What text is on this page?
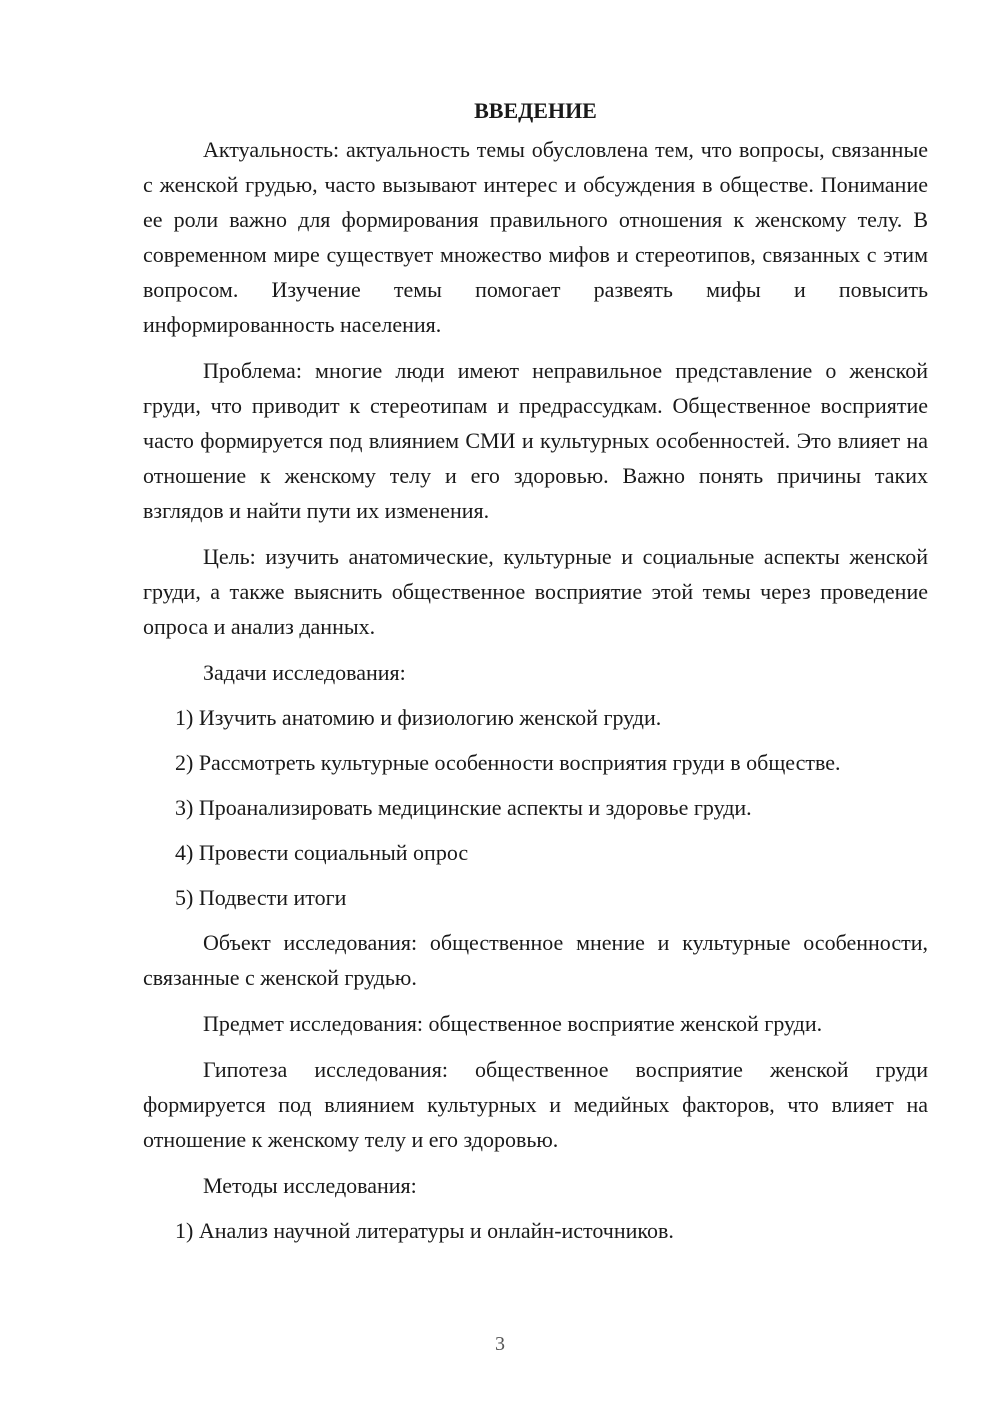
ВВЕДЕНИЕ

Актуальность: актуальность темы обусловлена тем, что вопросы, связанные с женской грудью, часто вызывают интерес и обсуждения в обществе. Понимание ее роли важно для формирования правильного отношения к женскому телу. В современном мире существует множество мифов и стереотипов, связанных с этим вопросом. Изучение темы помогает развеять мифы и повысить информированность населения.

Проблема: многие люди имеют неправильное представление о женской груди, что приводит к стереотипам и предрассудкам. Общественное восприятие часто формируется под влиянием СМИ и культурных особенностей. Это влияет на отношение к женскому телу и его здоровью. Важно понять причины таких взглядов и найти пути их изменения.

Цель: изучить анатомические, культурные и социальные аспекты женской груди, а также выяснить общественное восприятие этой темы через проведение опроса и анализ данных.

Задачи исследования:
1) Изучить анатомию и физиологию женской груди.
2) Рассмотреть культурные особенности восприятия груди в обществе.
3) Проанализировать медицинские аспекты и здоровье груди.
4) Провести социальный опрос
5) Подвести итоги

Объект исследования: общественное мнение и культурные особенности, связанные с женской грудью.

Предмет исследования: общественное восприятие женской груди.

Гипотеза исследования: общественное восприятие женской груди формируется под влиянием культурных и медийных факторов, что влияет на отношение к женскому телу и его здоровью.

Методы исследования:
1) Анализ научной литературы и онлайн-источников.
3
